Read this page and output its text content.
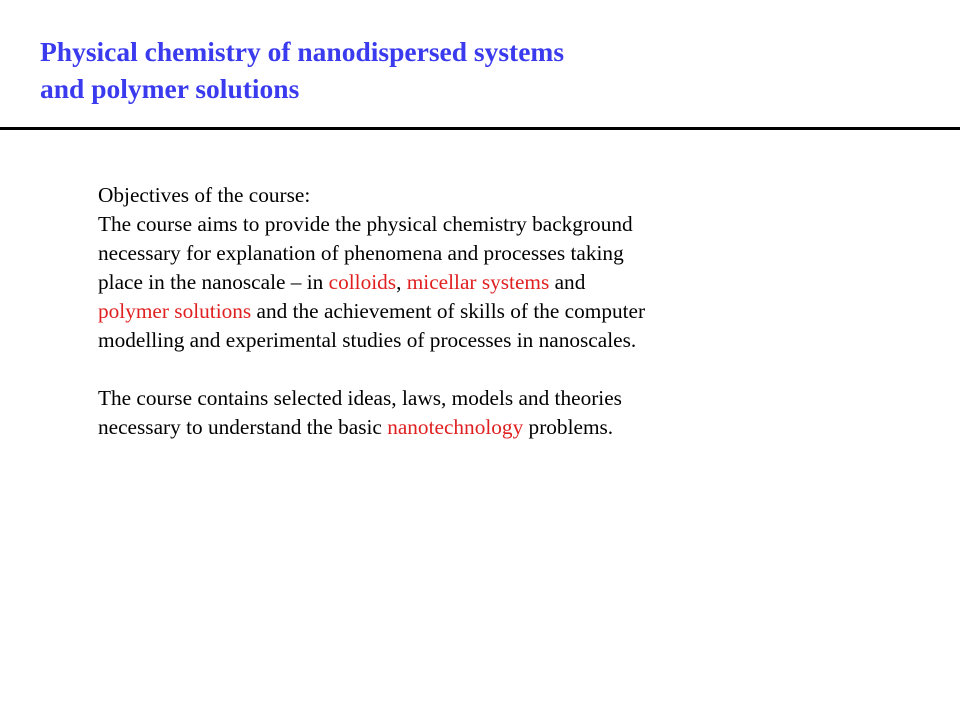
Physical chemistry of nanodispersed systems
and polymer solutions
Objectives of the course:
The course aims to provide the physical chemistry background
necessary for explanation of phenomena and processes taking
place in the nanoscale – in colloids, micellar systems and
polymer solutions and the achievement of skills of the computer
modelling and experimental studies of processes in nanoscales.
The course contains selected ideas, laws, models and theories
necessary to understand the basic nanotechnology problems.
